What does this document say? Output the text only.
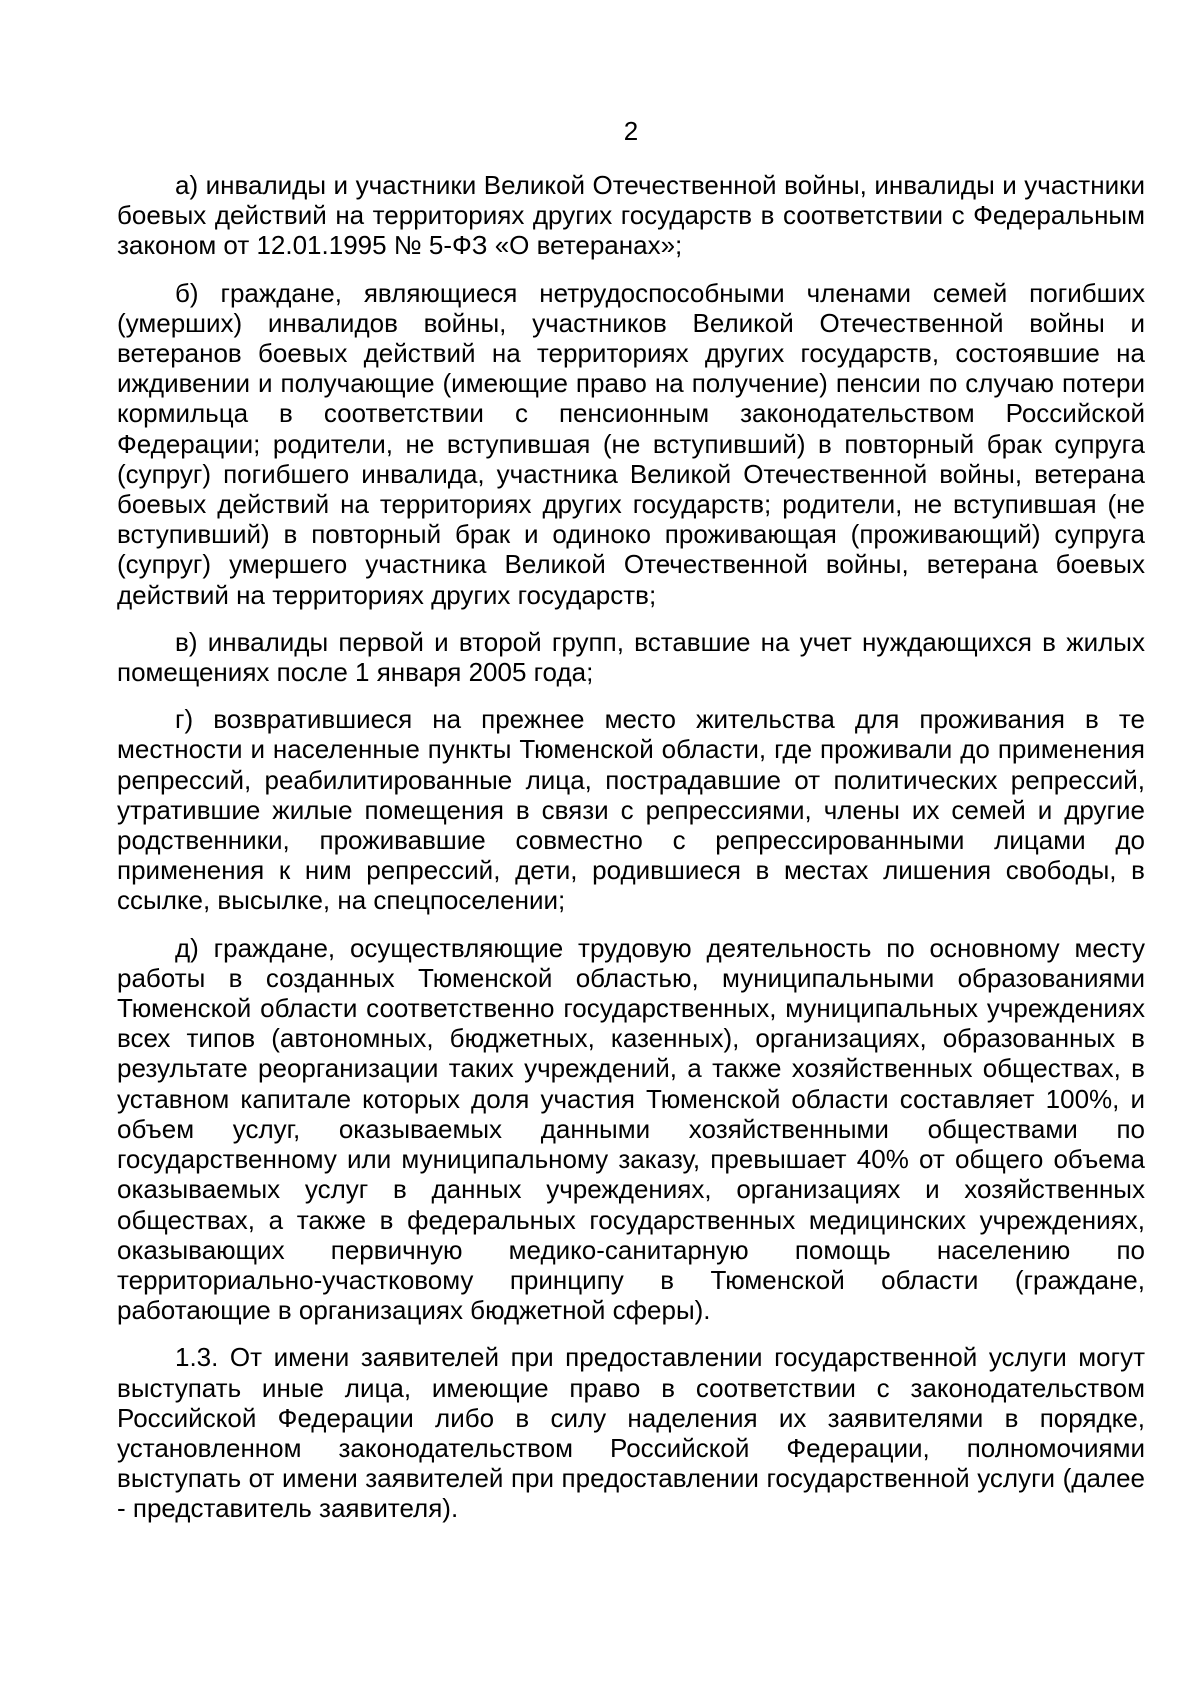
2

а) инвалиды и участники Великой Отечественной войны, инвалиды и участники боевых действий на территориях других государств в соответствии с Федеральным законом от 12.01.1995 № 5-ФЗ «О ветеранах»;

б) граждане, являющиеся нетрудоспособными членами семей погибших (умерших) инвалидов войны, участников Великой Отечественной войны и ветеранов боевых действий на территориях других государств, состоявшие на иждивении и получающие (имеющие право на получение) пенсии по случаю потери кормильца в соответствии с пенсионным законодательством Российской Федерации; родители, не вступившая (не вступивший) в повторный брак супруга (супруг) погибшего инвалида, участника Великой Отечественной войны, ветерана боевых действий на территориях других государств; родители, не вступившая (не вступивший) в повторный брак и одиноко проживающая (проживающий) супруга (супруг) умершего участника Великой Отечественной войны, ветерана боевых действий на территориях других государств;

в) инвалиды первой и второй групп, вставшие на учет нуждающихся в жилых помещениях после 1 января 2005 года;

г) возвратившиеся на прежнее место жительства для проживания в те местности и населенные пункты Тюменской области, где проживали до применения репрессий, реабилитированные лица, пострадавшие от политических репрессий, утратившие жилые помещения в связи с репрессиями, члены их семей и другие родственники, проживавшие совместно с репрессированными лицами до применения к ним репрессий, дети, родившиеся в местах лишения свободы, в ссылке, высылке, на спецпоселении;

д) граждане, осуществляющие трудовую деятельность по основному месту работы в созданных Тюменской областью, муниципальными образованиями Тюменской области соответственно государственных, муниципальных учреждениях всех типов (автономных, бюджетных, казенных), организациях, образованных в результате реорганизации таких учреждений, а также хозяйственных обществах, в уставном капитале которых доля участия Тюменской области составляет 100%, и объем услуг, оказываемых данными хозяйственными обществами по государственному или муниципальному заказу, превышает 40% от общего объема оказываемых услуг в данных учреждениях, организациях и хозяйственных обществах, а также в федеральных государственных медицинских учреждениях, оказывающих первичную медико-санитарную помощь населению по территориально-участковому принципу в Тюменской области (граждане, работающие в организациях бюджетной сферы).

1.3. От имени заявителей при предоставлении государственной услуги могут выступать иные лица, имеющие право в соответствии с законодательством Российской Федерации либо в силу наделения их заявителями в порядке, установленном законодательством Российской Федерации, полномочиями выступать от имени заявителей при предоставлении государственной услуги (далее - представитель заявителя).
